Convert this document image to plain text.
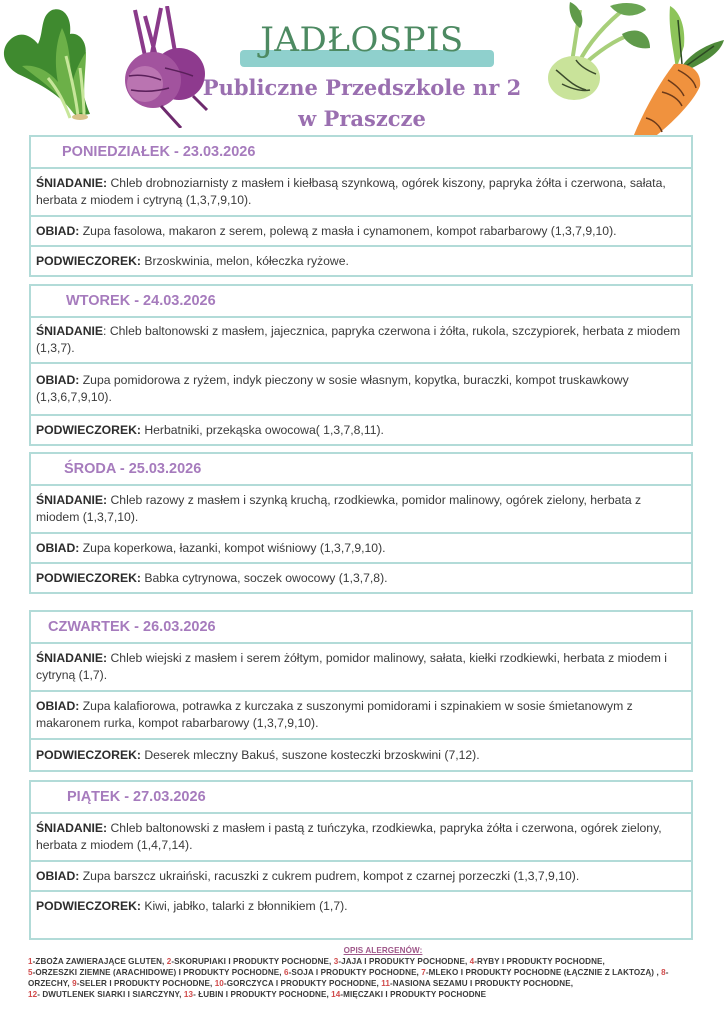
JADŁOSPIS
Publiczne Przedszkole nr 2
w Praszcze
PONIEDZIAŁEK - 23.03.2026
ŚNIADANIE: Chleb drobnoziarnisty z masłem i kiełbasą szynkową, ogórek kiszony, papryka żółta i czerwona, sałata, herbata z miodem i cytryną (1,3,7,9,10).
OBIAD: Zupa fasolowa, makaron z serem, polewą z masła i cynamonem, kompot rabarbarowy (1,3,7,9,10).
PODWIECZOREK: Brzoskwinia, melon, kółeczka ryżowe.
WTOREK - 24.03.2026
ŚNIADANIE: Chleb baltonowski z masłem, jajecznica, papryka czerwona i żółta, rukola, szczypiorek, herbata z miodem (1,3,7).
OBIAD: Zupa pomidorowa z ryżem, indyk pieczony w sosie własnym, kopytka, buraczki, kompot truskawkowy (1,3,6,7,9,10).
PODWIECZOREK: Herbatniki, przekąska owocowa( 1,3,7,8,11).
ŚRODA - 25.03.2026
ŚNIADANIE: Chleb razowy z masłem i szynką kruchą, rzodkiewka, pomidor malinowy, ogórek zielony, herbata z miodem (1,3,7,10).
OBIAD: Zupa koperkowa, łazanki, kompot wiśniowy (1,3,7,9,10).
PODWIECZOREK: Babka cytrynowa, soczek owocowy (1,3,7,8).
CZWARTEK - 26.03.2026
ŚNIADANIE: Chleb wiejski z masłem i serem żółtym, pomidor malinowy, sałata, kiełki rzodkiewki, herbata z miodem i cytryną (1,7).
OBIAD: Zupa kalafiorowa, potrawka z kurczaka z suszonymi pomidorami i szpinakiem w sosie śmietanowym z makaronem rurka, kompot rabarbarowy (1,3,7,9,10).
PODWIECZOREK: Deserek mleczny Bakuś, suszone kosteczki brzoskwini (7,12).
PIĄTEK - 27.03.2026
ŚNIADANIE: Chleb baltonowski z masłem i pastą z tuńczyka, rzodkiewka, papryka żółta i czerwona, ogórek zielony, herbata z miodem (1,4,7,14).
OBIAD: Zupa barszcz ukraiński, racuszki z cukrem pudrem, kompot z czarnej porzeczki (1,3,7,9,10).
PODWIECZOREK: Kiwi, jabłko, talarki z błonnikiem (1,7).
OPIS ALERGENÓW:
1-ZBOŻA ZAWIERAJĄCE GLUTEN, 2-SKORUPIAKI I PRODUKTY POCHODNE, 3-JAJA I PRODUKTY POCHODNE, 4-RYBY I PRODUKTY POCHODNE,
5-ORZESZKI ZIEMNE (ARACHIDOWE) I PRODUKTY POCHODNE, 6-SOJA I PRODUKTY POCHODNE, 7-MLEKO I PRODUKTY POCHODNE (ŁĄCZNIE Z LAKTOZĄ) , 8-ORZECHY, 9-SELER I PRODUKTY POCHODNE, 10-GORCZYCA I PRODUKTY POCHODNE, 11-NASIONA SEZAMU I PRODUKTY POCHODNE,
12- DWUTLENEK SIARKI I SIARCZYNY, 13- ŁUBIN I PRODUKTY POCHODNE, 14-MIĘCZAKI I PRODUKTY POCHODNE
